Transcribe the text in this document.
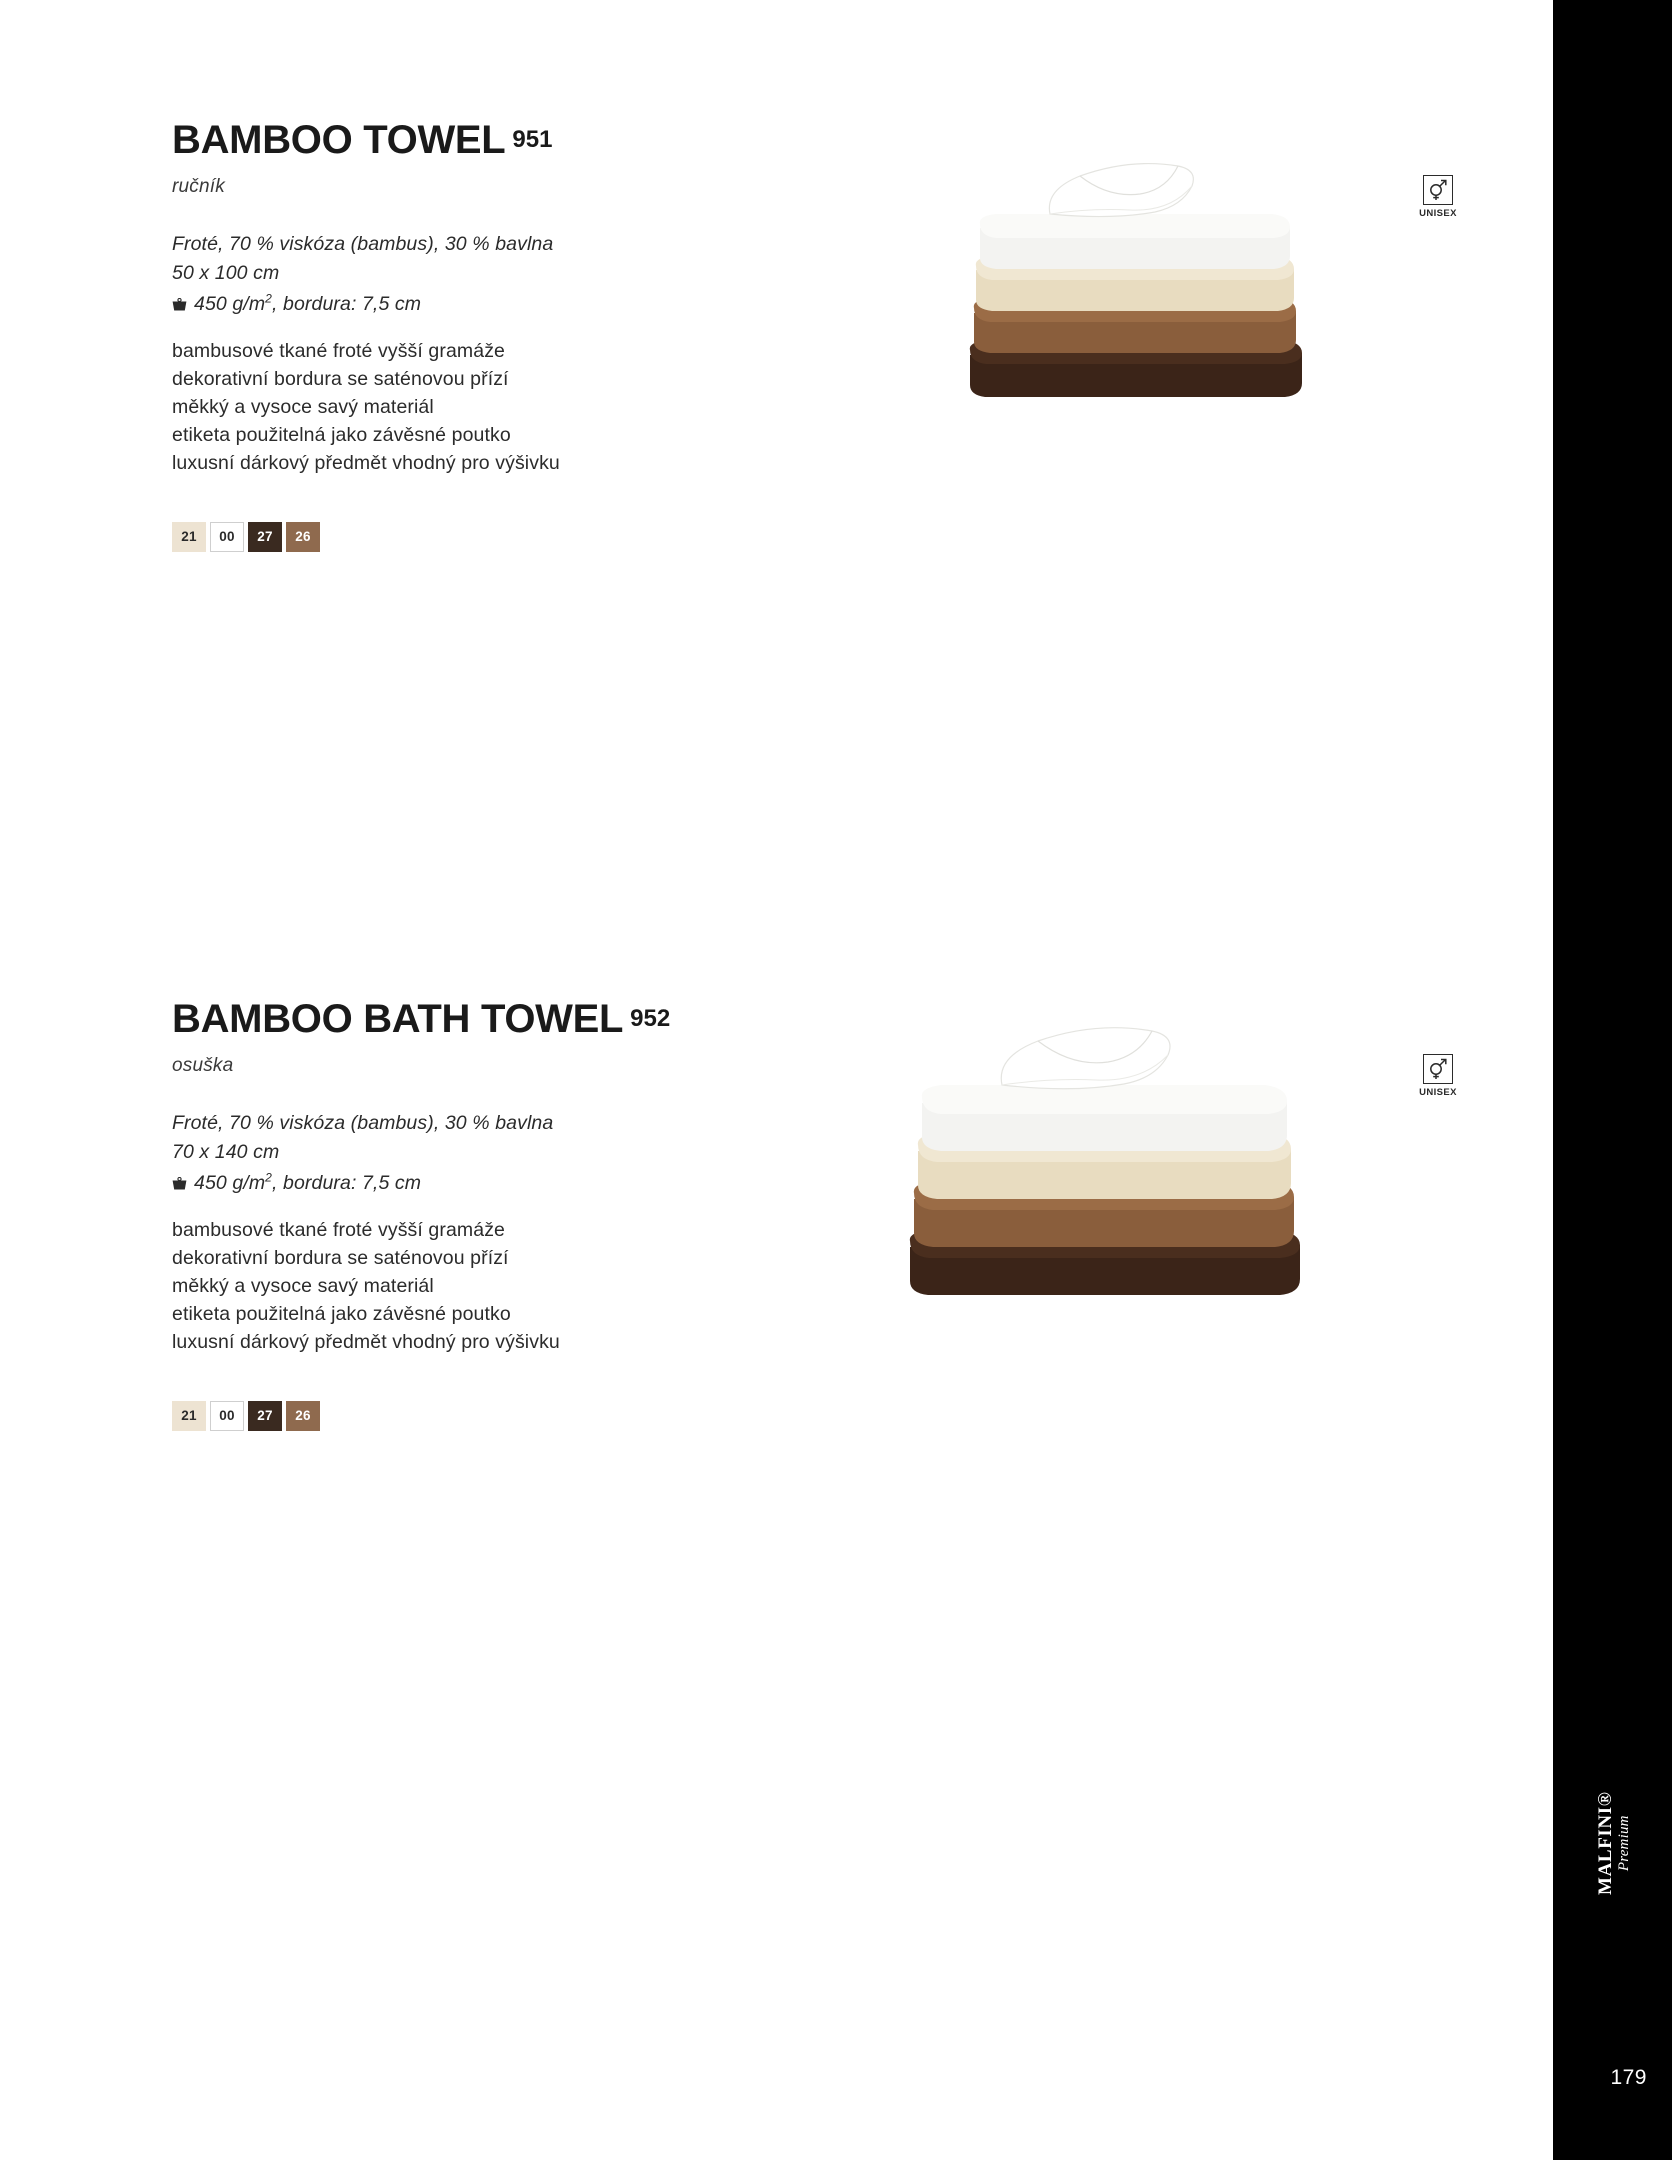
BAMBOO TOWEL 951
ručník
Froté, 70 % viskóza (bambus), 30 % bavlna
50 x 100 cm
450 $g/m^2$, bordura: 7,5 cm
bambusové tkané froté vyšší gramáže
dekorativní bordura se saténovou přízí
měkký a vysoce savý materiál
etiketa použitelná jako závěsné poutko
luxusní dárkový předmět vhodný pro výšivku
21 00 27 26
UNISEX
BAMBOO BATH TOWEL 952
osuška
Froté, 70 % viskóza (bambus), 30 % bavlna
70 x 140 cm
450 $g/m^2$, bordura: 7,5 cm
bambusové tkané froté vyšší gramáže
dekorativní bordura se saténovou přízí
měkký a vysoce savý materiál
etiketa použitelná jako závěsné poutko
luxusní dárkový předmět vhodný pro výšivku
21 00 27 26
UNISEX
MALFINI® Premium
179
